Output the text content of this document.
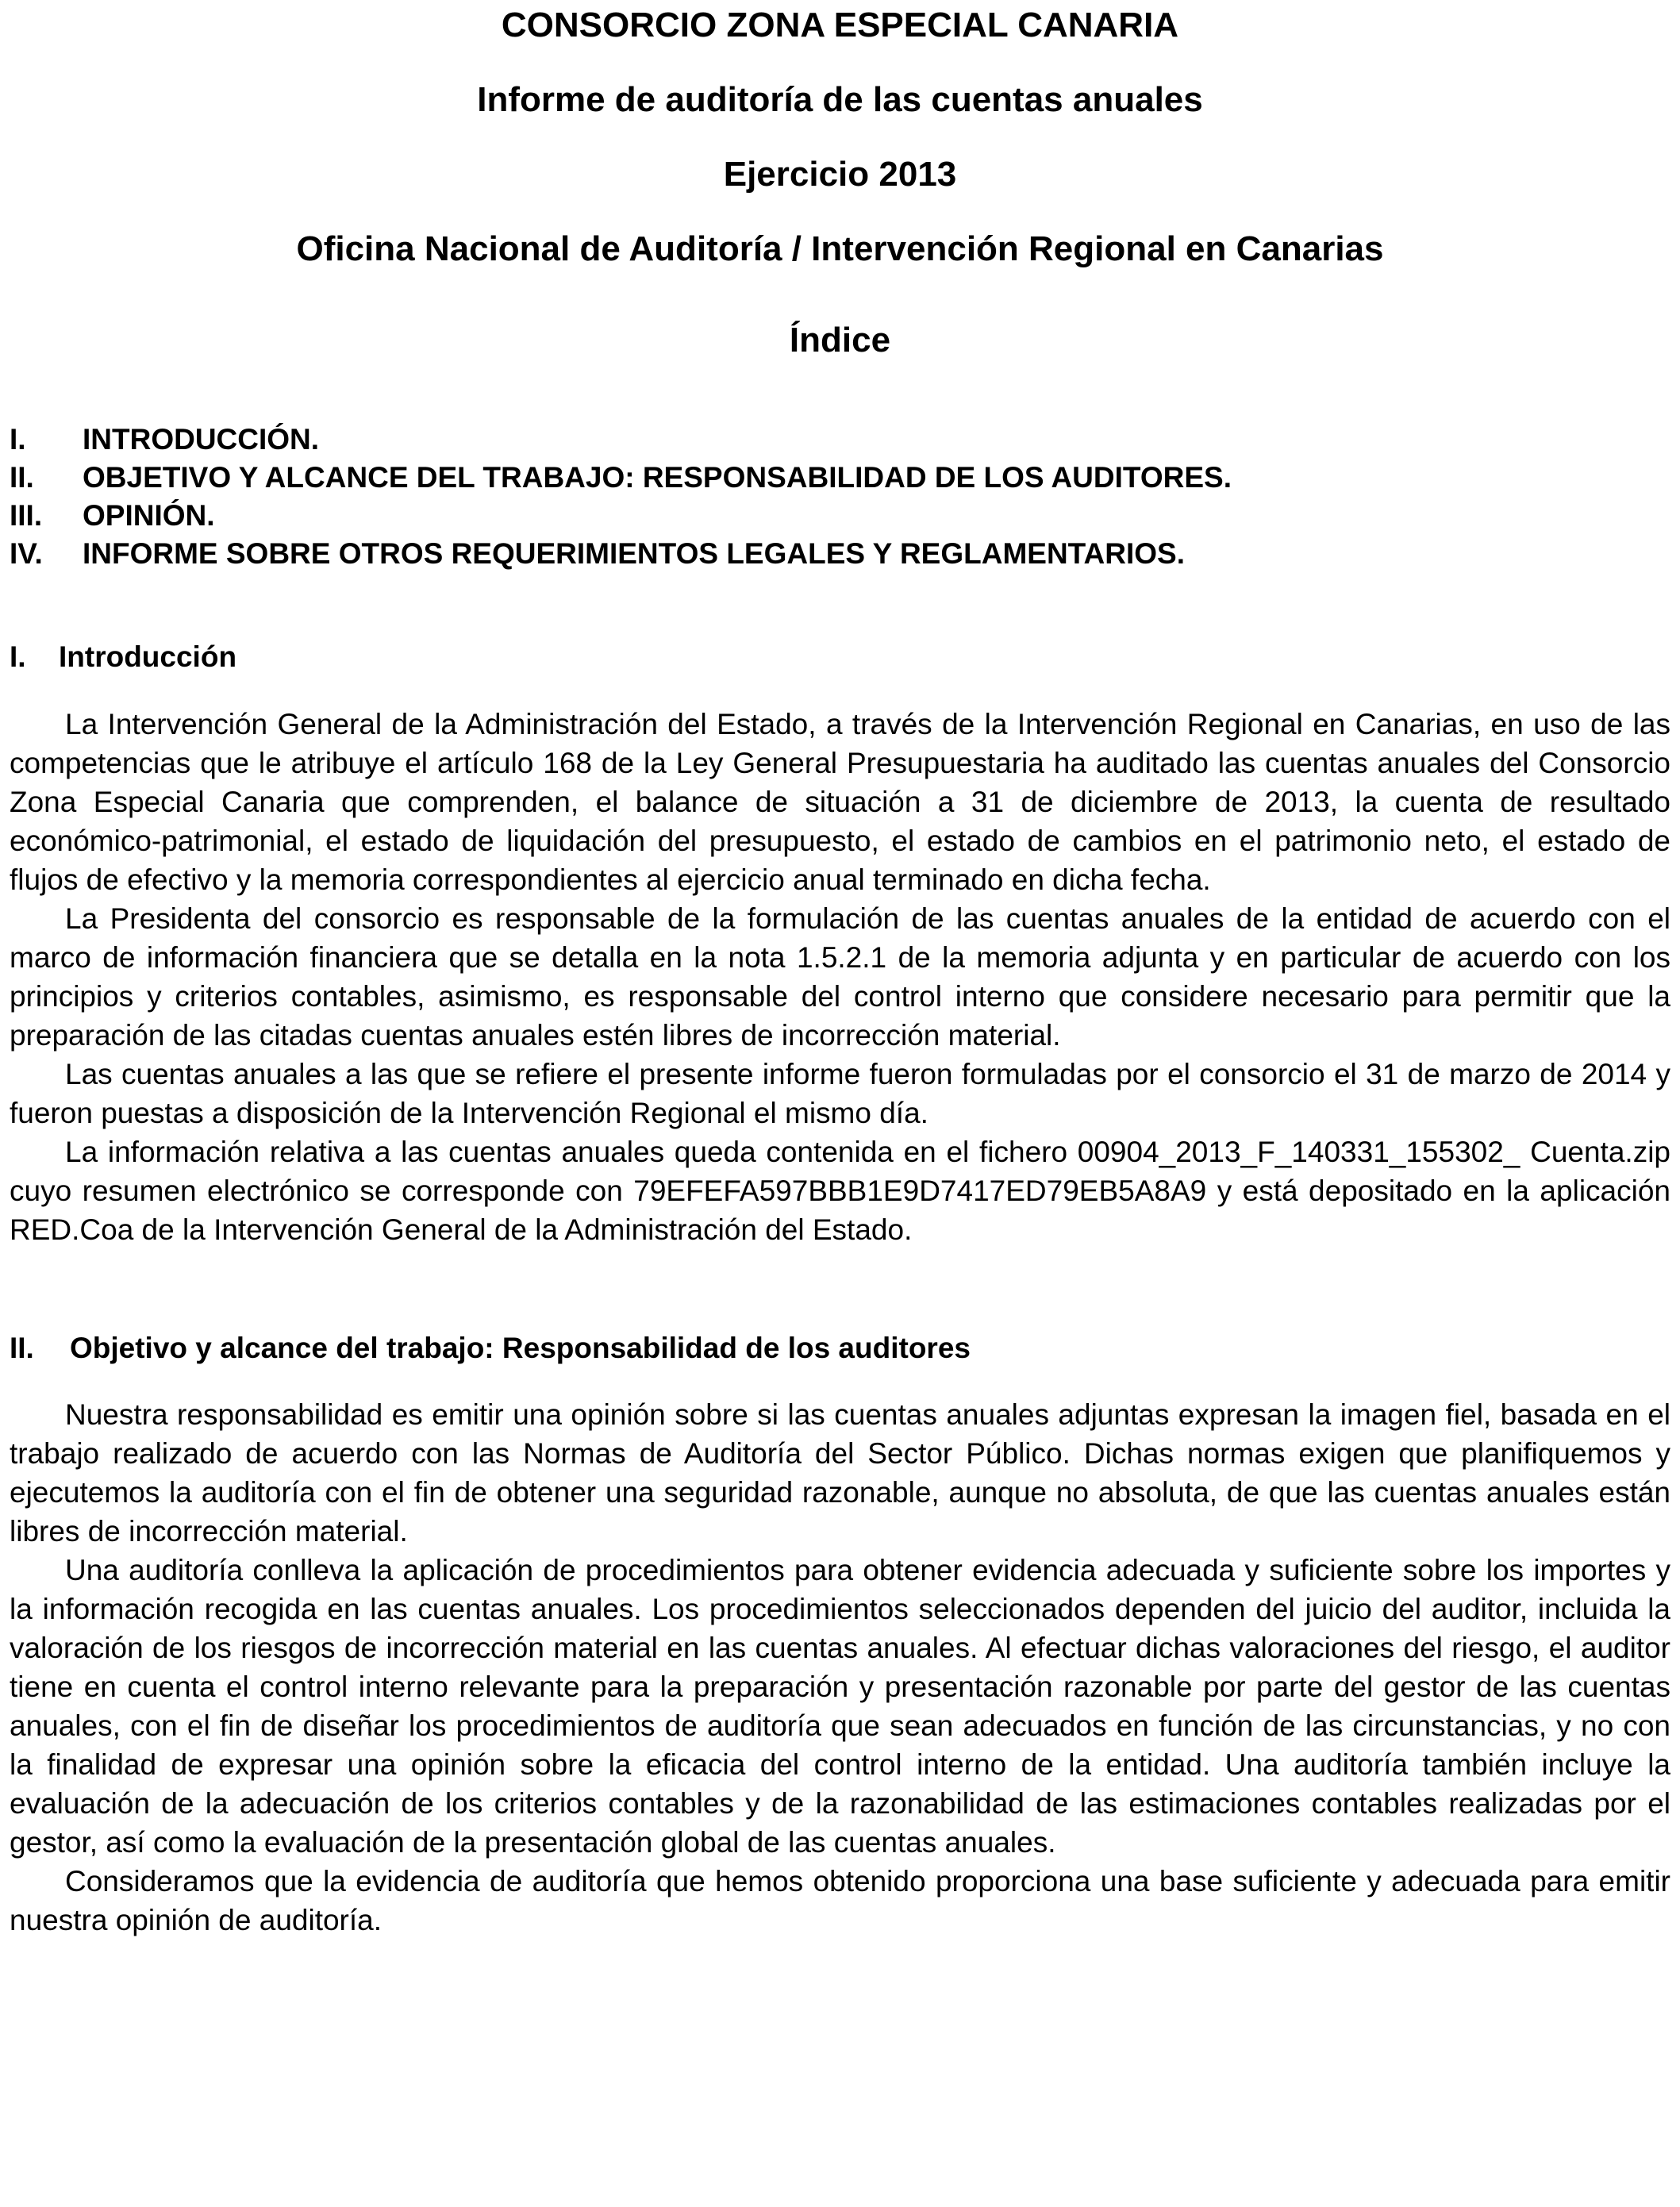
CONSORCIO ZONA ESPECIAL CANARIA
Informe de auditoría de las cuentas anuales
Ejercicio 2013
Oficina Nacional de Auditoría / Intervención Regional en Canarias
Índice
I.	INTRODUCCIÓN.
II.	OBJETIVO Y ALCANCE DEL TRABAJO: RESPONSABILIDAD DE LOS AUDITORES.
III.	OPINIÓN.
IV.	INFORME SOBRE OTROS REQUERIMIENTOS LEGALES Y REGLAMENTARIOS.
I. Introducción

La Intervención General de la Administración del Estado, a través de la Intervención Regional en Canarias, en uso de las competencias que le atribuye el artículo 168 de la Ley General Presupuestaria ha auditado las cuentas anuales del Consorcio Zona Especial Canaria que comprenden, el balance de situación a 31 de diciembre de 2013, la cuenta de resultado económico-patrimonial, el estado de liquidación del presupuesto, el estado de cambios en el patrimonio neto, el estado de flujos de efectivo y la memoria correspondientes al ejercicio anual terminado en dicha fecha.

La Presidenta del consorcio es responsable de la formulación de las cuentas anuales de la entidad de acuerdo con el marco de información financiera que se detalla en la nota 1.5.2.1 de la memoria adjunta y en particular de acuerdo con los principios y criterios contables, asimismo, es responsable del control interno que considere necesario para permitir que la preparación de las citadas cuentas anuales estén libres de incorrección material.

Las cuentas anuales a las que se refiere el presente informe fueron formuladas por el consorcio el 31 de marzo de 2014 y fueron puestas a disposición de la Intervención Regional el mismo día.

La información relativa a las cuentas anuales queda contenida en el fichero 00904_2013_F_140331_155302_ Cuenta.zip cuyo resumen electrónico se corresponde con 79EFEFA597BBB1E9D7417ED79EB5A8A9 y está depositado en la aplicación RED.Coa de la Intervención General de la Administración del Estado.

II. Objetivo y alcance del trabajo: Responsabilidad de los auditores

Nuestra responsabilidad es emitir una opinión sobre si las cuentas anuales adjuntas expresan la imagen fiel, basada en el trabajo realizado de acuerdo con las Normas de Auditoría del Sector Público. Dichas normas exigen que planifiquemos y ejecutemos la auditoría con el fin de obtener una seguridad razonable, aunque no absoluta, de que las cuentas anuales están libres de incorrección material.

Una auditoría conlleva la aplicación de procedimientos para obtener evidencia adecuada y suficiente sobre los importes y la información recogida en las cuentas anuales. Los procedimientos seleccionados dependen del juicio del auditor, incluida la valoración de los riesgos de incorrección material en las cuentas anuales. Al efectuar dichas valoraciones del riesgo, el auditor tiene en cuenta el control interno relevante para la preparación y presentación razonable por parte del gestor de las cuentas anuales, con el fin de diseñar los procedimientos de auditoría que sean adecuados en función de las circunstancias, y no con la finalidad de expresar una opinión sobre la eficacia del control interno de la entidad. Una auditoría también incluye la evaluación de la adecuación de los criterios contables y de la razonabilidad de las estimaciones contables realizadas por el gestor, así como la evaluación de la presentación global de las cuentas anuales.

Consideramos que la evidencia de auditoría que hemos obtenido proporciona una base suficiente y adecuada para emitir nuestra opinión de auditoría.
